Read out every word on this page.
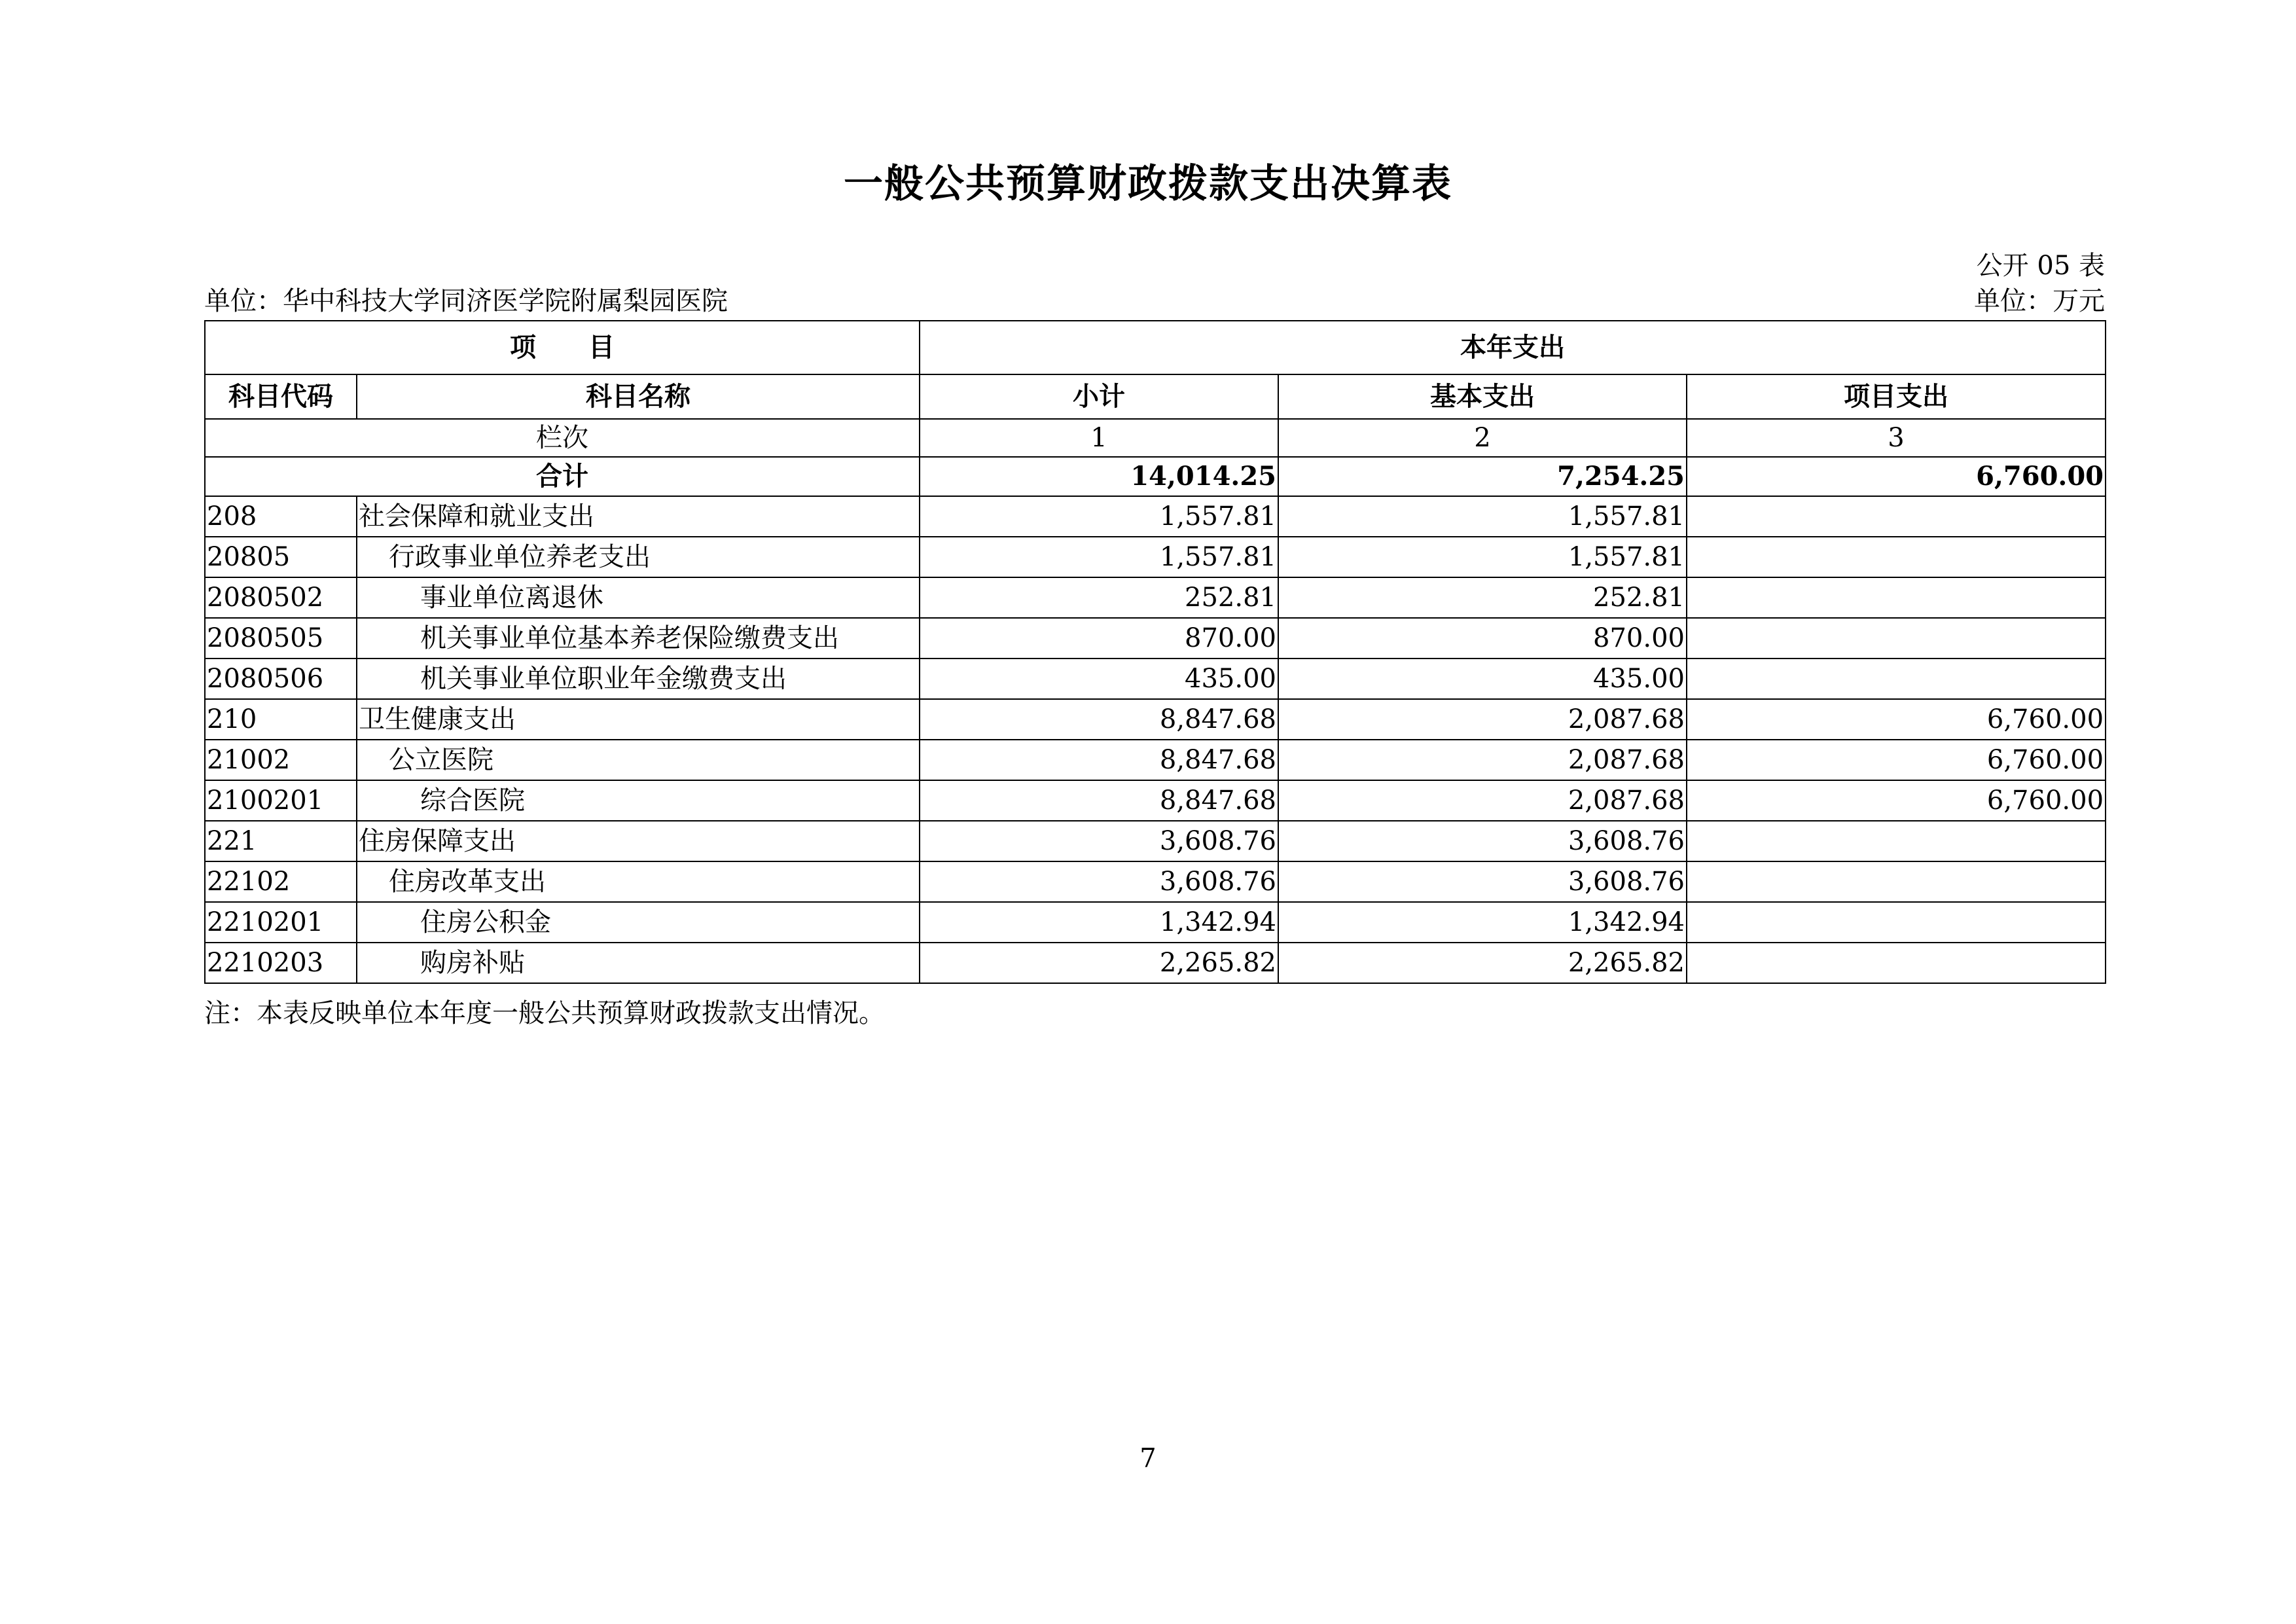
一般公共预算财政拨款支出决算表
公开 05 表
单位：华中科技大学同济医学院附属梨园医院	单位：万元
项　　目		本年支出		
科目代码	科目名称	小计	基本支出	项目支出
栏次		1	2	3
合计		14,014.25	7,254.25	6,760.00
208	社会保障和就业支出	1,557.81	1,557.81	
20805	行政事业单位养老支出	1,557.81	1,557.81	
2080502	事业单位离退休	252.81	252.81	
2080505	机关事业单位基本养老保险缴费支出	870.00	870.00	
2080506	机关事业单位职业年金缴费支出	435.00	435.00	
210	卫生健康支出	8,847.68	2,087.68	6,760.00
21002	公立医院	8,847.68	2,087.68	6,760.00
2100201	综合医院	8,847.68	2,087.68	6,760.00
221	住房保障支出	3,608.76	3,608.76	
22102	住房改革支出	3,608.76	3,608.76	
2210201	住房公积金	1,342.94	1,342.94	
2210203	购房补贴	2,265.82	2,265.82	
注：本表反映单位本年度一般公共预算财政拨款支出情况。
7
